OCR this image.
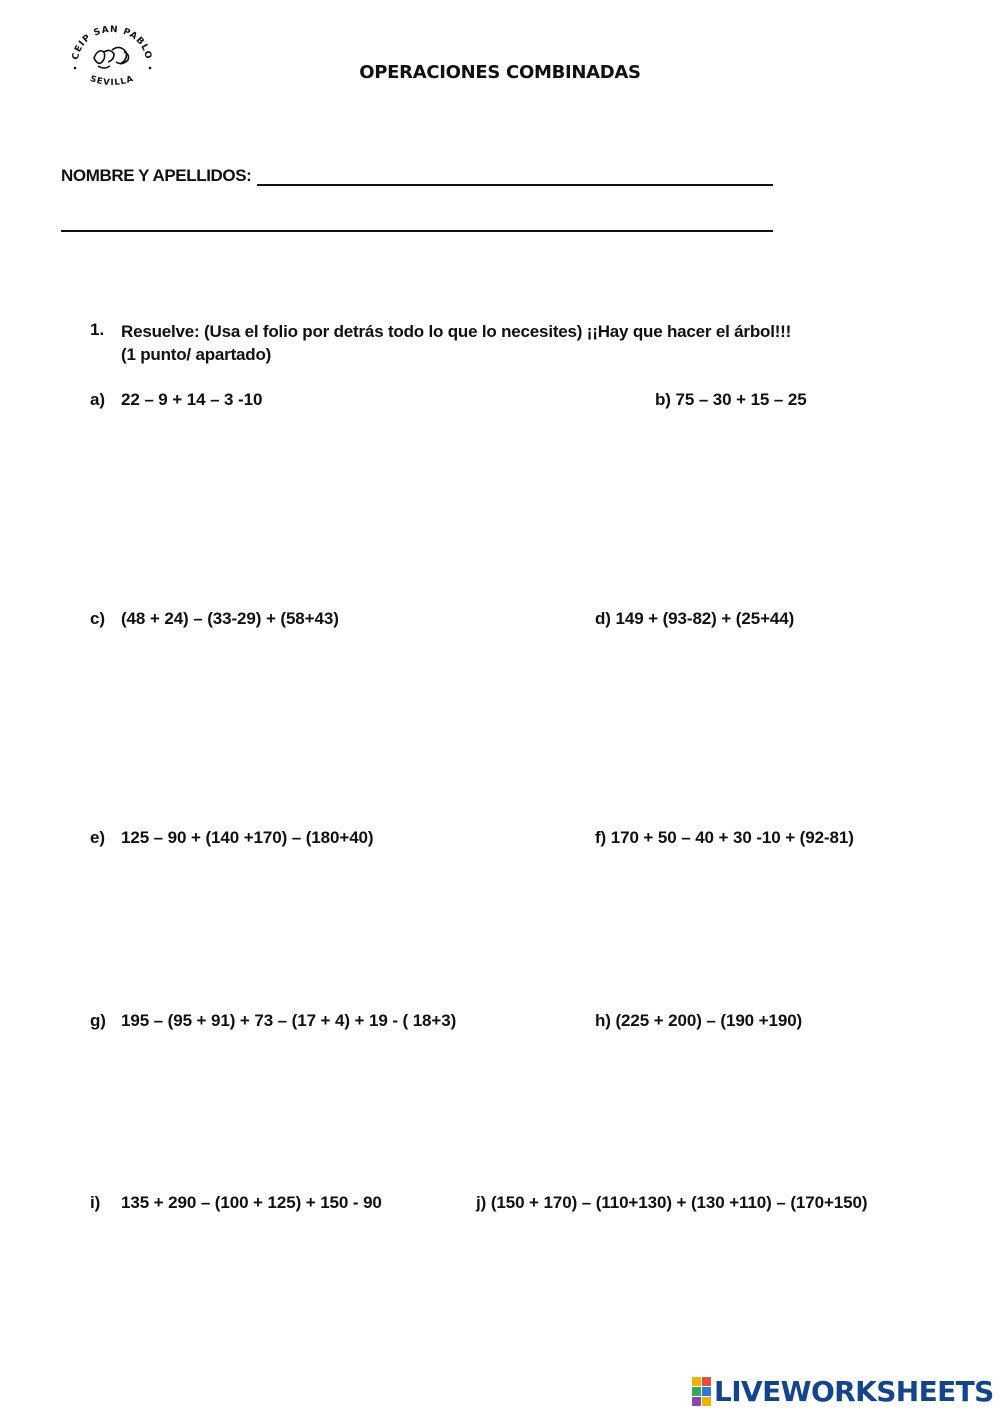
CEIP SAN PABLO
SEVILLA	OPERACIONES COMBINADAS
NOMBRE Y APELLIDOS:
1. Resuelve: (Usa el folio por detrás todo lo que lo necesites) ¡¡Hay que hacer el árbol!!!
(1 punto/ apartado)
a) 22 – 9 + 14 – 3 -10	b) 75 – 30 + 15 – 25
c) (48 + 24) – (33-29) + (58+43)	d) 149 + (93-82) + (25+44)
e) 125 – 90 + (140 +170) – (180+40)	f) 170 + 50 – 40 + 30 -10 + (92-81)
g) 195 – (95 + 91) + 73 – (17 + 4) + 19 - ( 18+3)	h) (225 + 200) – (190 +190)
i) 135 + 290 – (100 + 125) + 150 - 90	j) (150 + 170) – (110+130) + (130 +110) – (170+150)
LIVEWORKSHEETS
